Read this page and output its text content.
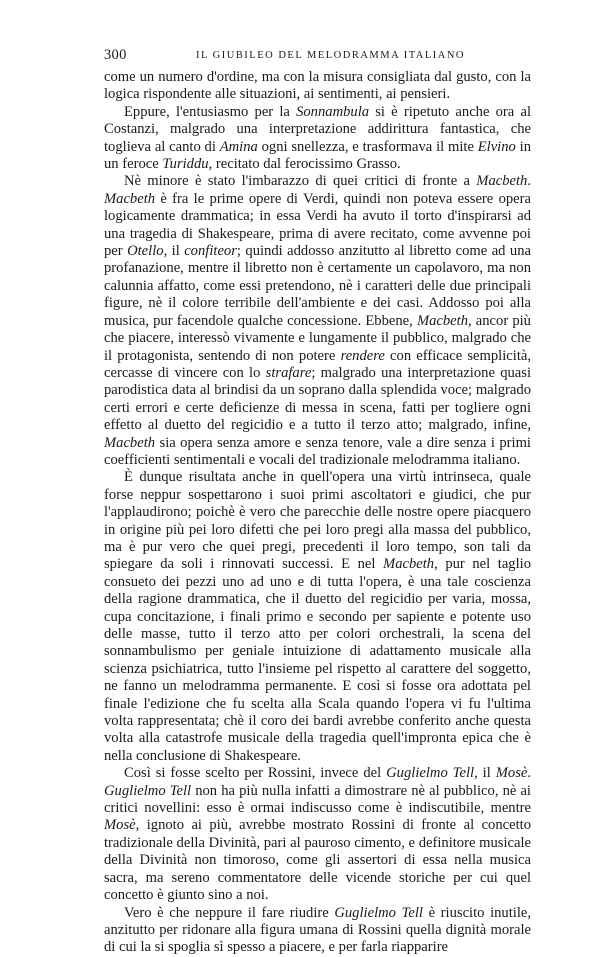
300	IL GIUBILEO DEL MELODRAMMA ITALIANO

come un numero d'ordine, ma con la misura consigliata dal gusto, con la logica rispondente alle situazioni, ai sentimenti, ai pensieri.

Eppure, l'entusiasmo per la Sonnambula si è ripetuto anche ora al Costanzi, malgrado una interpretazione addirittura fantastica, che toglieva al canto di Amina ogni snellezza, e trasformava il mite Elvino in un feroce Turiddu, recitato dal ferocissimo Grasso.

Nè minore è stato l'imbarazzo di quei critici di fronte a Macbeth. Macbeth è fra le prime opere di Verdi, quindi non poteva essere opera logicamente drammatica; in essa Verdi ha avuto il torto d'inspirarsi ad una tragedia di Shakespeare, prima di avere recitato, come avvenne poi per Otello, il confiteor; quindi addosso anzitutto al libretto come ad una profanazione, mentre il libretto non è certamente un capolavoro, ma non calunnia affatto, come essi pretendono, nè i caratteri delle due principali figure, nè il colore terribile dell'ambiente e dei casi. Addosso poi alla musica, pur facendole qualche concessione. Ebbene, Macbeth, ancor più che piacere, interessò vivamente e lungamente il pubblico, malgrado che il protagonista, sentendo di non potere rendere con efficace semplicità, cercasse di vincere con lo strafare; malgrado una interpretazione quasi parodistica data al brindisi da un soprano dalla splendida voce; malgrado certi errori e certe deficienze di messa in scena, fatti per togliere ogni effetto al duetto del regicidio e a tutto il terzo atto; malgrado, infine, Macbeth sia opera senza amore e senza tenore, vale a dire senza i primi coefficienti sentimentali e vocali del tradizionale melodramma italiano.

È dunque risultata anche in quell'opera una virtù intrinseca, quale forse neppur sospettarono i suoi primi ascoltatori e giudici, che pur l'applaudirono; poichè è vero che parecchie delle nostre opere piacquero in origine più pei loro difetti che pei loro pregi alla massa del pubblico, ma è pur vero che quei pregi, precedenti il loro tempo, son tali da spiegare da soli i rinnovati successi. E nel Macbeth, pur nel taglio consueto dei pezzi uno ad uno e di tutta l'opera, è una tale coscienza della ragione drammatica, che il duetto del regicidio per varia, mossa, cupa concitazione, i finali primo e secondo per sapiente e potente uso delle masse, tutto il terzo atto per colori orchestrali, la scena del sonnambulismo per geniale intuizione di adattamento musicale alla scienza psichiatrica, tutto l'insieme pel rispetto al carattere del soggetto, ne fanno un melodramma permanente. E così si fosse ora adottata pel finale l'edizione che fu scelta alla Scala quando l'opera vi fu l'ultima volta rappresentata; chè il coro dei bardi avrebbe conferito anche questa volta alla catastrofe musicale della tragedia quell'impronta epica che è nella conclusione di Shakespeare.

Così si fosse scelto per Rossini, invece del Guglielmo Tell, il Mosè. Guglielmo Tell non ha più nulla infatti a dimostrare nè al pubblico, nè ai critici novellini: esso è ormai indiscusso come è indiscutibile, mentre Mosè, ignoto ai più, avrebbe mostrato Rossini di fronte al concetto tradizionale della Divinità, pari al pauroso cimento, e definitore musicale della Divinità non timoroso, come gli assertori di essa nella musica sacra, ma sereno commentatore delle vicende storiche per cui quel concetto è giunto sino a noi.

Vero è che neppure il fare riudire Guglielmo Tell è riuscito inutile, anzitutto per ridonare alla figura umana di Rossini quella dignità morale di cui la si spoglia sì spesso a piacere, e per farla riapparire
